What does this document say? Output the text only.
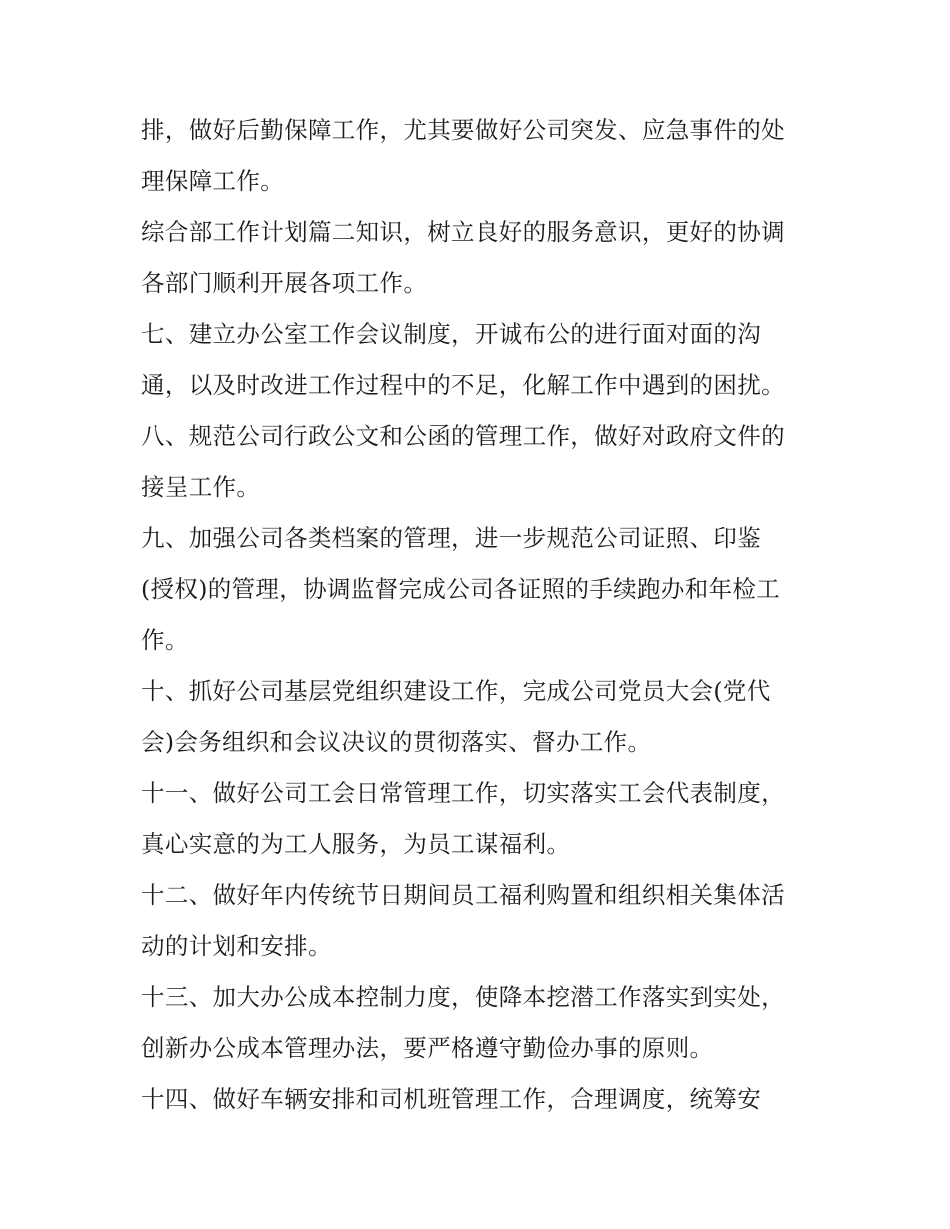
排，做好后勤保障工作，尤其要做好公司突发、应急事件的处
理保障工作。
综合部工作计划篇二知识，树立良好的服务意识，更好的协调
各部门顺利开展各项工作。
七、建立办公室工作会议制度，开诚布公的进行面对面的沟
通，以及时改进工作过程中的不足，化解工作中遇到的困扰。
八、规范公司行政公文和公函的管理工作，做好对政府文件的
接呈工作。
九、加强公司各类档案的管理，进一步规范公司证照、印鉴
(授权)的管理，协调监督完成公司各证照的手续跑办和年检工
作。
十、抓好公司基层党组织建设工作，完成公司党员大会(党代
会)会务组织和会议决议的贯彻落实、督办工作。
十一、做好公司工会日常管理工作，切实落实工会代表制度，
真心实意的为工人服务，为员工谋福利。
十二、做好年内传统节日期间员工福利购置和组织相关集体活
动的计划和安排。
十三、加大办公成本控制力度，使降本挖潜工作落实到实处，
创新办公成本管理办法，要严格遵守勤俭办事的原则。
十四、做好车辆安排和司机班管理工作，合理调度，统筹安
